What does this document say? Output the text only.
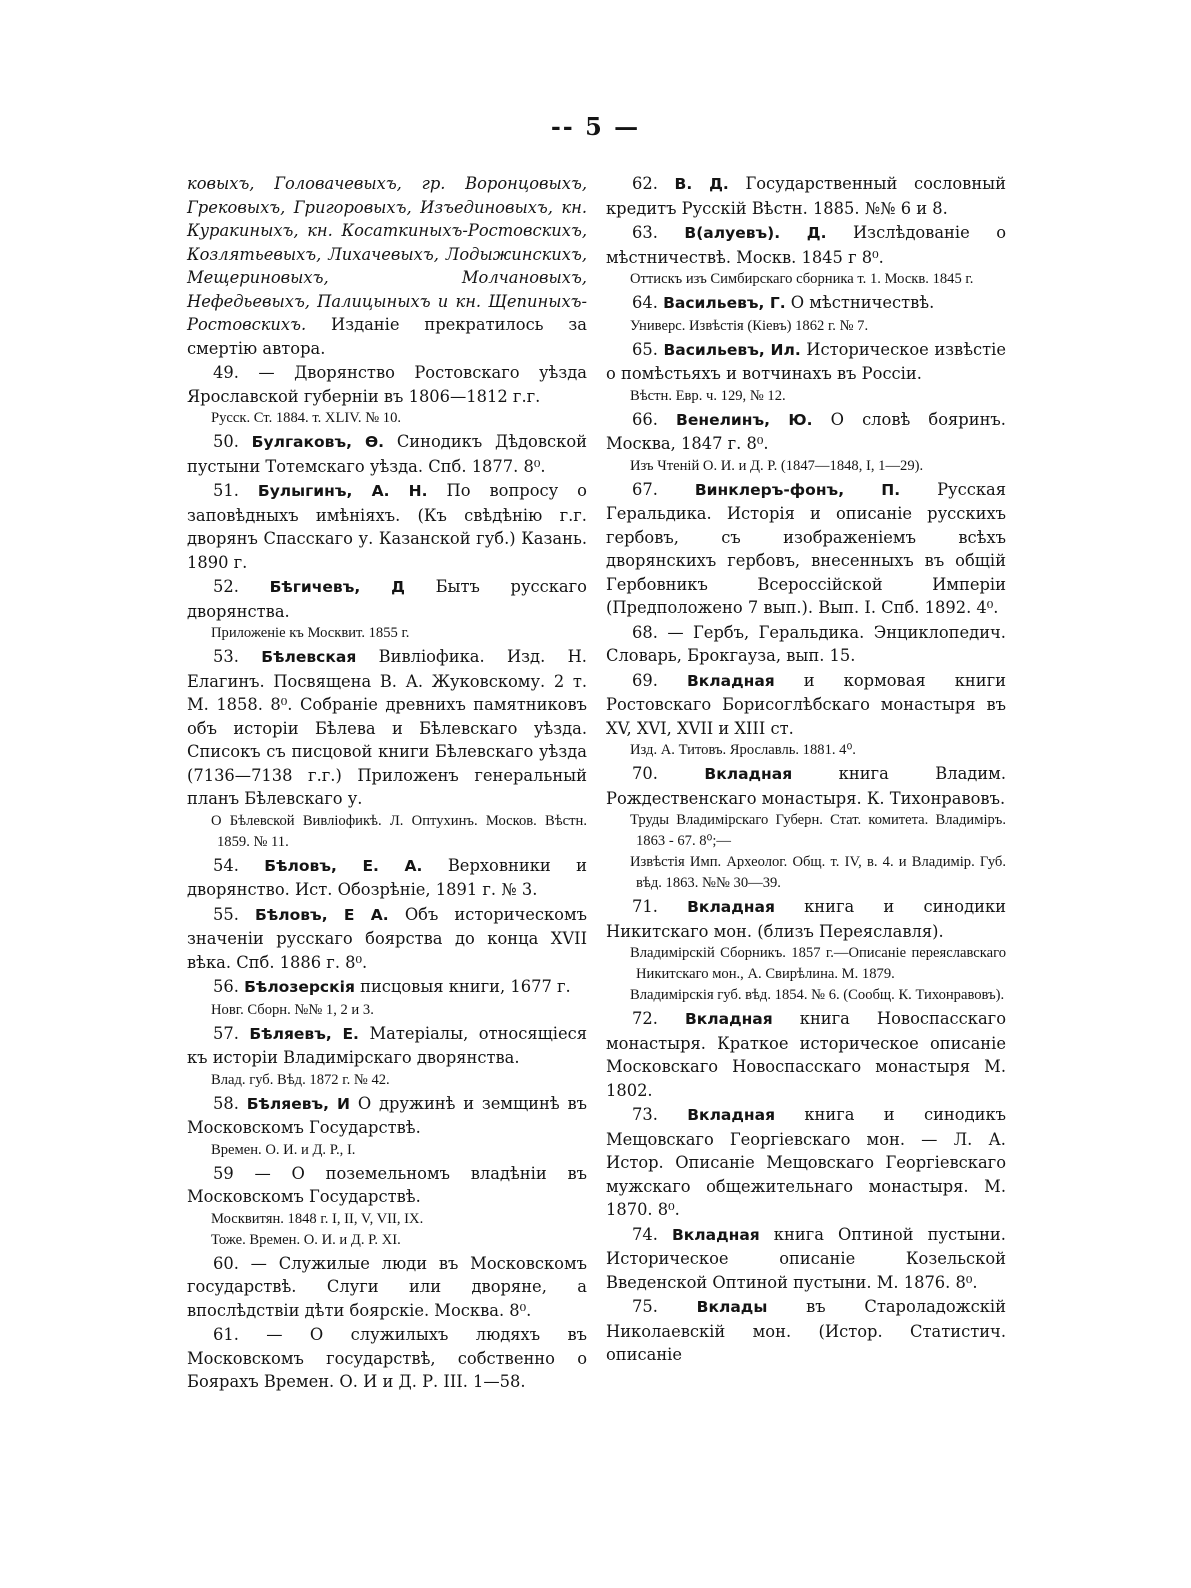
-- 5 —

ковыхъ, Головачевыхъ, гр. Воронцовыхъ, Грековыхъ, Григоровыхъ, Изъединовыхъ, кн. Куракиныхъ, кн. Косаткиныхъ-Ростовскихъ, Козлятьевыхъ, Лихачевыхъ, Лодыжинскихъ, Мещериновыхъ, Молчановыхъ, Нефедьевыхъ, Палицыныхъ и кн. Щепиныхъ-Ростовскихъ. Изданіе прекратилось за смертію автора.

49. — Дворянство Ростовскаго уѣзда Ярославской губерніи въ 1806—1812 г.г.
Русск. Ст. 1884. т. XLIV. № 10.

50. Булгаковъ, Ѳ. Синодикъ Дѣдовской пустыни Тотемскаго уѣзда. Спб. 1877. 8⁰.

51. Булыгинъ, А. Н. По вопросу о заповѣдныхъ имѣніяхъ. (Къ свѣдѣнію г.г. дворянъ Спасскаго у. Казанской губ.) Казань. 1890 г.

52. Бѣгичевъ, Д Бытъ русскаго дворянства.
Приложеніе къ Москвит. 1855 г.

53. Бѣлевская Вивліофика. Изд. Н. Елагинъ. Посвящена В. А. Жуковскому. 2 т. М. 1858. 8⁰. Собраніе древнихъ памятниковъ объ исторіи Бѣлева и Бѣлевскаго уѣзда. Списокъ съ писцовой книги Бѣлевскаго уѣзда (7136—7138 г.г.) Приложенъ генеральный планъ Бѣлевскаго у.
О Бѣлевской Вивліофикѣ. Л. Оптухинъ. Москов. Вѣстн. 1859. № 11.

54. Бѣловъ, Е. А. Верховники и дворянство. Ист. Обозрѣніе, 1891 г. № 3.

55. Бѣловъ, Е А. Объ историческомъ значеніи русскаго боярства до конца XVII вѣка. Спб. 1886 г. 8⁰.

56. Бѣлозерскія писцовыя книги, 1677 г.
Новг. Сборн. №№ 1, 2 и 3.

57. Бѣляевъ, Е. Матеріалы, относящіеся къ исторіи Владимірскаго дворянства.
Влад. губ. Вѣд. 1872 г. № 42.

58. Бѣляевъ, И О дружинѣ и земщинѣ въ Московскомъ Государствѣ.
Времен. О. И. и Д. Р., I.

59 — О поземельномъ владѣніи въ Московскомъ Государствѣ.
Москвитян. 1848 г. I, II, V, VII, IX.
Тоже. Времен. О. И. и Д. Р. XI.

60. — Служилые люди въ Московскомъ государствѣ. Слуги или дворяне, а впослѣдствіи дѣти боярскіе. Москва. 8⁰.

61. — О служилыхъ людяхъ въ Московскомъ государствѣ, собственно о Боярахъ Времен. О. И и Д. Р. III. 1—58.

62. В. Д. Государственный сословный кредитъ Русскій Вѣстн. 1885. №№ 6 и 8.

63. В(алуевъ). Д. Изслѣдованіе о мѣстничествѣ. Москв. 1845 г 8⁰.
Оттискъ изъ Симбирскаго сборника т. 1. Москв. 1845 г.

64. Васильевъ, Г. О мѣстничествѣ.
Универс. Извѣстія (Кіевъ) 1862 г. № 7.

65. Васильевъ, Ил. Историческое извѣстіе о помѣстьяхъ и вотчинахъ въ Россіи.
Вѣстн. Евр. ч. 129, № 12.

66. Венелинъ, Ю. О словѣ бояринъ. Москва, 1847 г. 8⁰.
Изъ Чтеній О. И. и Д. Р. (1847—1848, I, 1—29).

67. Винклеръ-фонъ, П. Русская Геральдика. Исторія и описаніе русскихъ гербовъ, съ изображеніемъ всѣхъ дворянскихъ гербовъ, внесенныхъ въ общій Гербовникъ Всероссійской Имперіи (Предположено 7 вып.). Вып. I. Спб. 1892. 4⁰.

68. — Гербъ, Геральдика. Энциклопедич. Словарь, Брокгауза, вып. 15.

69. Вкладная и кормовая книги Ростовскаго Борисоглѣбскаго монастыря въ XV, XVI, XVII и XIII ст.
Изд. А. Титовъ. Ярославль. 1881. 4⁰.

70.	Вкладная	книга Владим. Рождественскаго монастыря. К. Тихонравовъ.
Труды Владимірскаго Губерн. Стат. комитета. Владиміръ. 1863 - 67. 8⁰;—
Извѣстія Имп. Археолог. Общ. т. IV, в. 4. и Владимір. Губ. вѣд. 1863. №№ 30—39.

71. Вкладная книга и синодики Никитскаго мон. (близъ Переяславля).
Владимірскій Сборникъ. 1857 г.—Описаніе переяславскаго Никитскаго мон., А. Свирѣлина. М. 1879.
Владимірскія губ. вѣд. 1854. № 6. (Сообщ. К. Тихонравовъ).

72. Вкладная книга Новоспасскаго монастыря. Краткое историческое описаніе Московскаго Новоспасскаго монастыря М. 1802.

73. Вкладная книга и синодикъ Мещовскаго Георгіевскаго мон. — Л. А. Истор. Описаніе Мещовскаго Георгіевскаго мужскаго общежительнаго монастыря. М. 1870. 8⁰.

74. Вкладная книга Оптиной пустыни. Историческое описаніе Козельской Введенской Оптиной пустыни. М. 1876. 8⁰.

75.	Вклады въ Староладожскій Николаевскій мон. (Истор. Статистич. описаніе
